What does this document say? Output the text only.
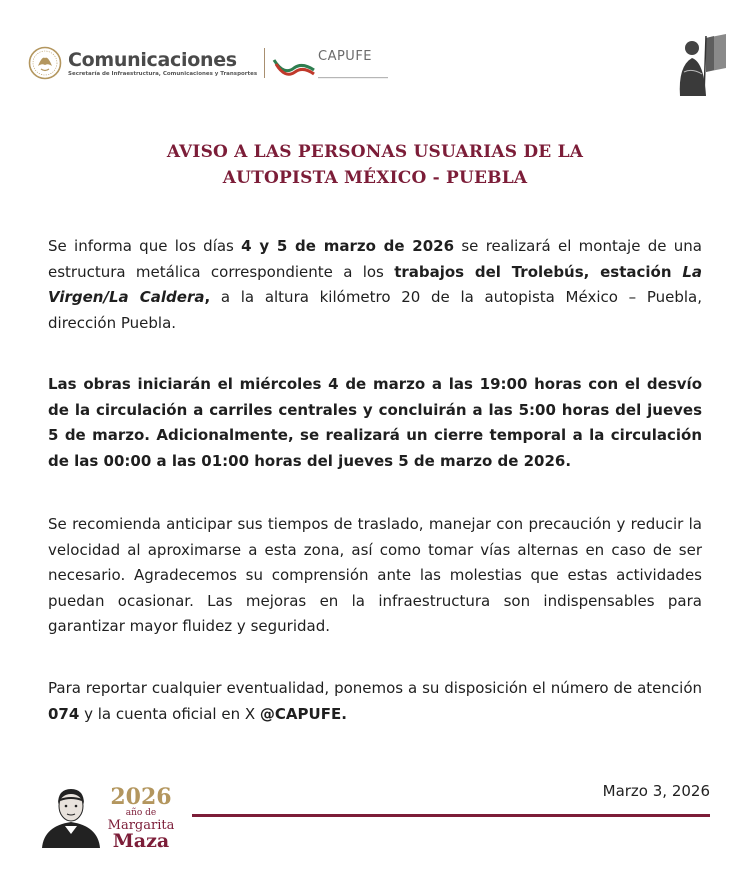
Comunicaciones
Secretaría de Infraestructura, Comunicaciones y Transportes
CAPUFE
AVISO A LAS PERSONAS USUARIAS DE LA
AUTOPISTA MÉXICO - PUEBLA
Se informa que los días 4 y 5 de marzo de 2026 se realizará el montaje de una estructura metálica correspondiente a los trabajos del Trolebús, estación La Virgen/La Caldera, a la altura kilómetro 20 de la autopista México – Puebla, dirección Puebla.
Las obras iniciarán el miércoles 4 de marzo a las 19:00 horas con el desvío de la circulación a carriles centrales y concluirán a las 5:00 horas del jueves 5 de marzo. Adicionalmente, se realizará un cierre temporal a la circulación de las 00:00 a las 01:00 horas del jueves 5 de marzo de 2026.
Se recomienda anticipar sus tiempos de traslado, manejar con precaución y reducir la velocidad al aproximarse a esta zona, así como tomar vías alternas en caso de ser necesario. Agradecemos su comprensión ante las molestias que estas actividades puedan ocasionar. Las mejoras en la infraestructura son indispensables para garantizar mayor fluidez y seguridad.
Para reportar cualquier eventualidad, ponemos a su disposición el número de atención 074 y la cuenta oficial en X @CAPUFE.
Marzo 3, 2026
2026
año de
Margarita
Maza
